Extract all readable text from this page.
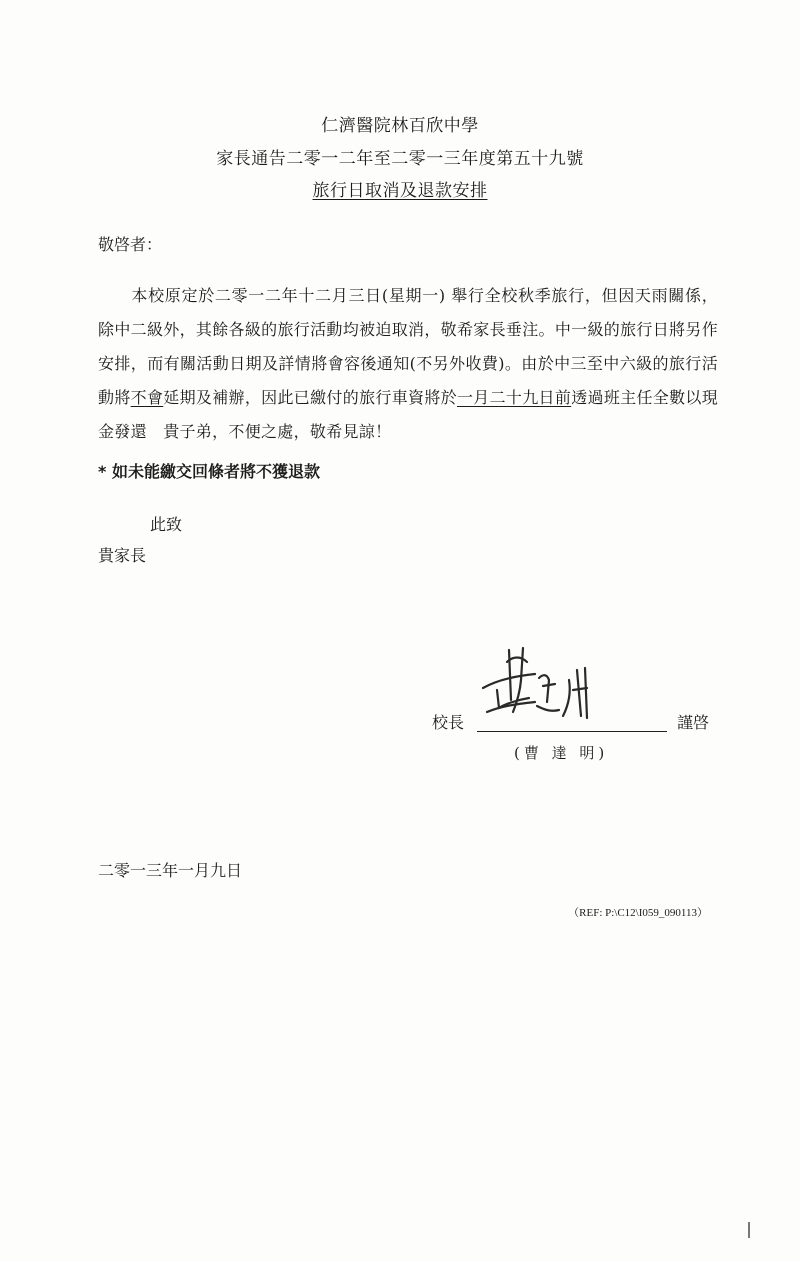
仁濟醫院林百欣中學
家長通告二零一二年至二零一三年度第五十九號
旅行日取消及退款安排
敬啓者：

　　本校原定於二零一二年十二月三日(星期一) 舉行全校秋季旅行，但因天雨關係，除中二級外，其餘各級的旅行活動均被迫取消，敬希家長垂注。中一級的旅行日將另作安排，而有關活動日期及詳情將會容後通知(不另外收費)。由於中三至中六級的旅行活動將不會延期及補辦，因此已繳付的旅行車資將於一月二十九日前透過班主任全數以現金發還　貴子弟，不便之處，敬希見諒！

* 如未能繳交回條者將不獲退款
此致
貴家長
校長	謹啓
(曹 達 明)
二零一三年一月九日
（REF: P:\C12\I059_090113）
